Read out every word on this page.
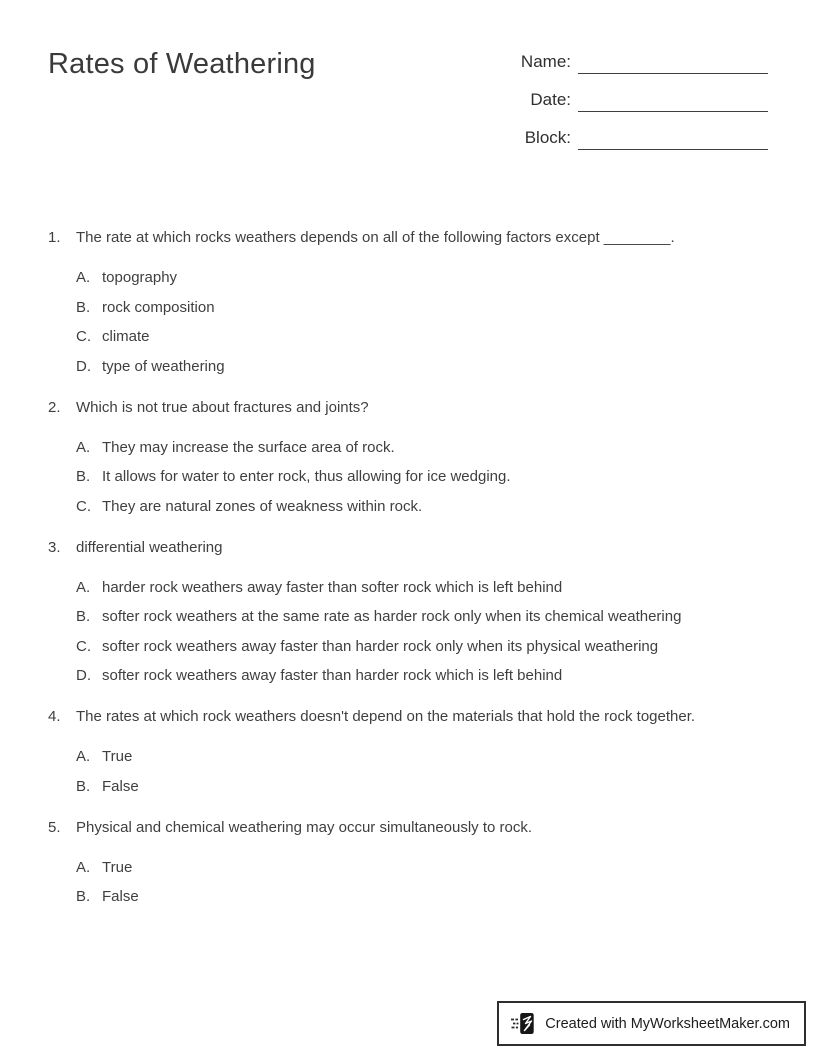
Rates of Weathering	Name:
Date:
Block:
1.	The rate at which rocks weathers depends on all of the following factors except ________.
A. topography
B. rock composition
C. climate
D. type of weathering
2.	Which is not true about fractures and joints?
A. They may increase the surface area of rock.
B. It allows for water to enter rock, thus allowing for ice wedging.
C. They are natural zones of weakness within rock.
3.	differential weathering
A. harder rock weathers away faster than softer rock which is left behind
B. softer rock weathers at the same rate as harder rock only when its chemical weathering
C. softer rock weathers away faster than harder rock only when its physical weathering
D. softer rock weathers away faster than harder rock which is left behind
4.	The rates at which rock weathers doesn't depend on the materials that hold the rock together.
A. True
B. False
5.	Physical and chemical weathering may occur simultaneously to rock.
A. True
B. False
Created with MyWorksheetMaker.com
